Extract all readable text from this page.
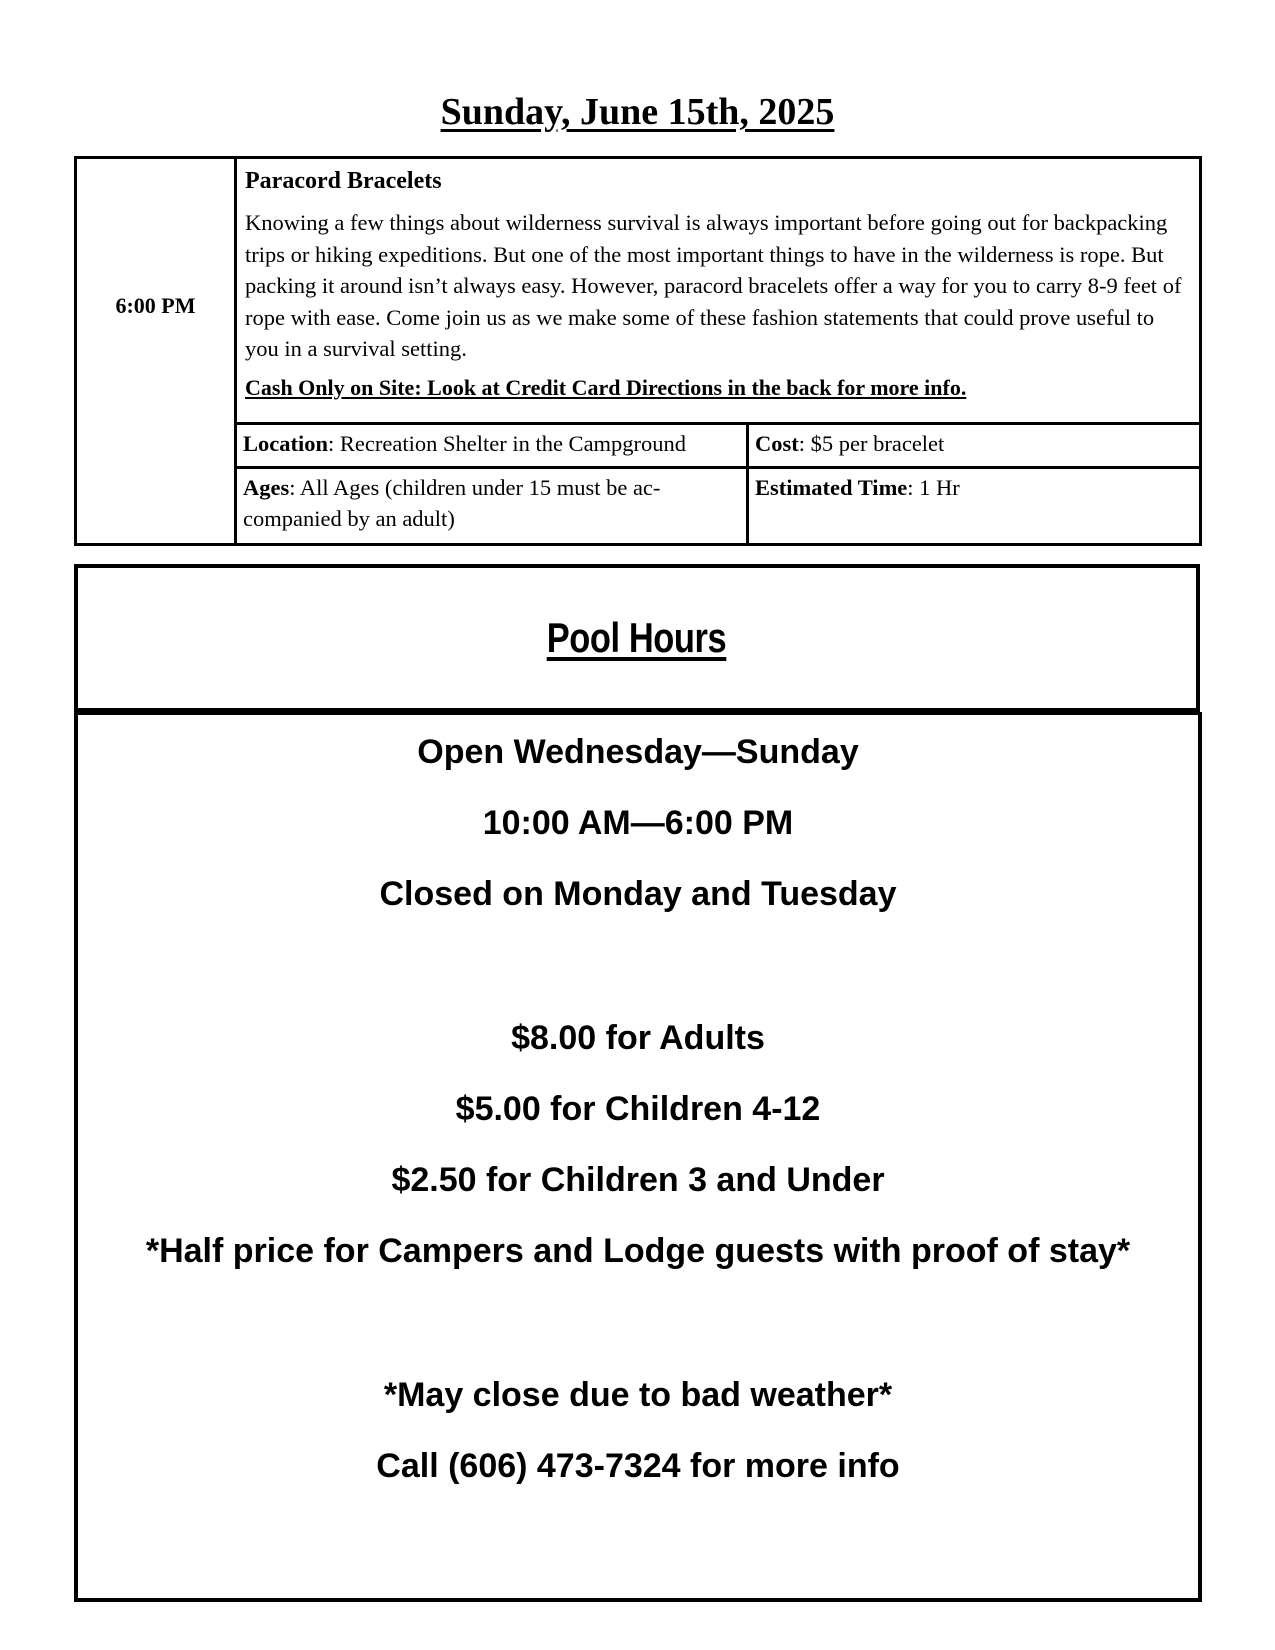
Sunday, June 15th, 2025
6:00 PM
Paracord Bracelets

Knowing a few things about wilderness survival is always important before going out for backpacking trips or hiking expeditions. But one of the most important things to have in the wilderness is rope. But packing it around isn’t always easy. However, paracord bracelets offer a way for you to carry 8-9 feet of rope with ease. Come join us as we make some of these fashion statements that could prove useful to you in a survival setting.

Cash Only on Site: Look at Credit Card Directions in the back for more info.
Location: Recreation Shelter in the Campground	Cost: $5 per bracelet
Ages: All Ages (children under 15 must be ac-companied by an adult)
Estimated Time: 1 Hr
Pool Hours
Open Wednesday—Sunday
10:00 AM—6:00 PM
Closed on Monday and Tuesday
$8.00 for Adults
$5.00 for Children 4-12
$2.50 for Children 3 and Under
*Half price for Campers and Lodge guests with proof of stay*
*May close due to bad weather*
Call (606) 473-7324 for more info
